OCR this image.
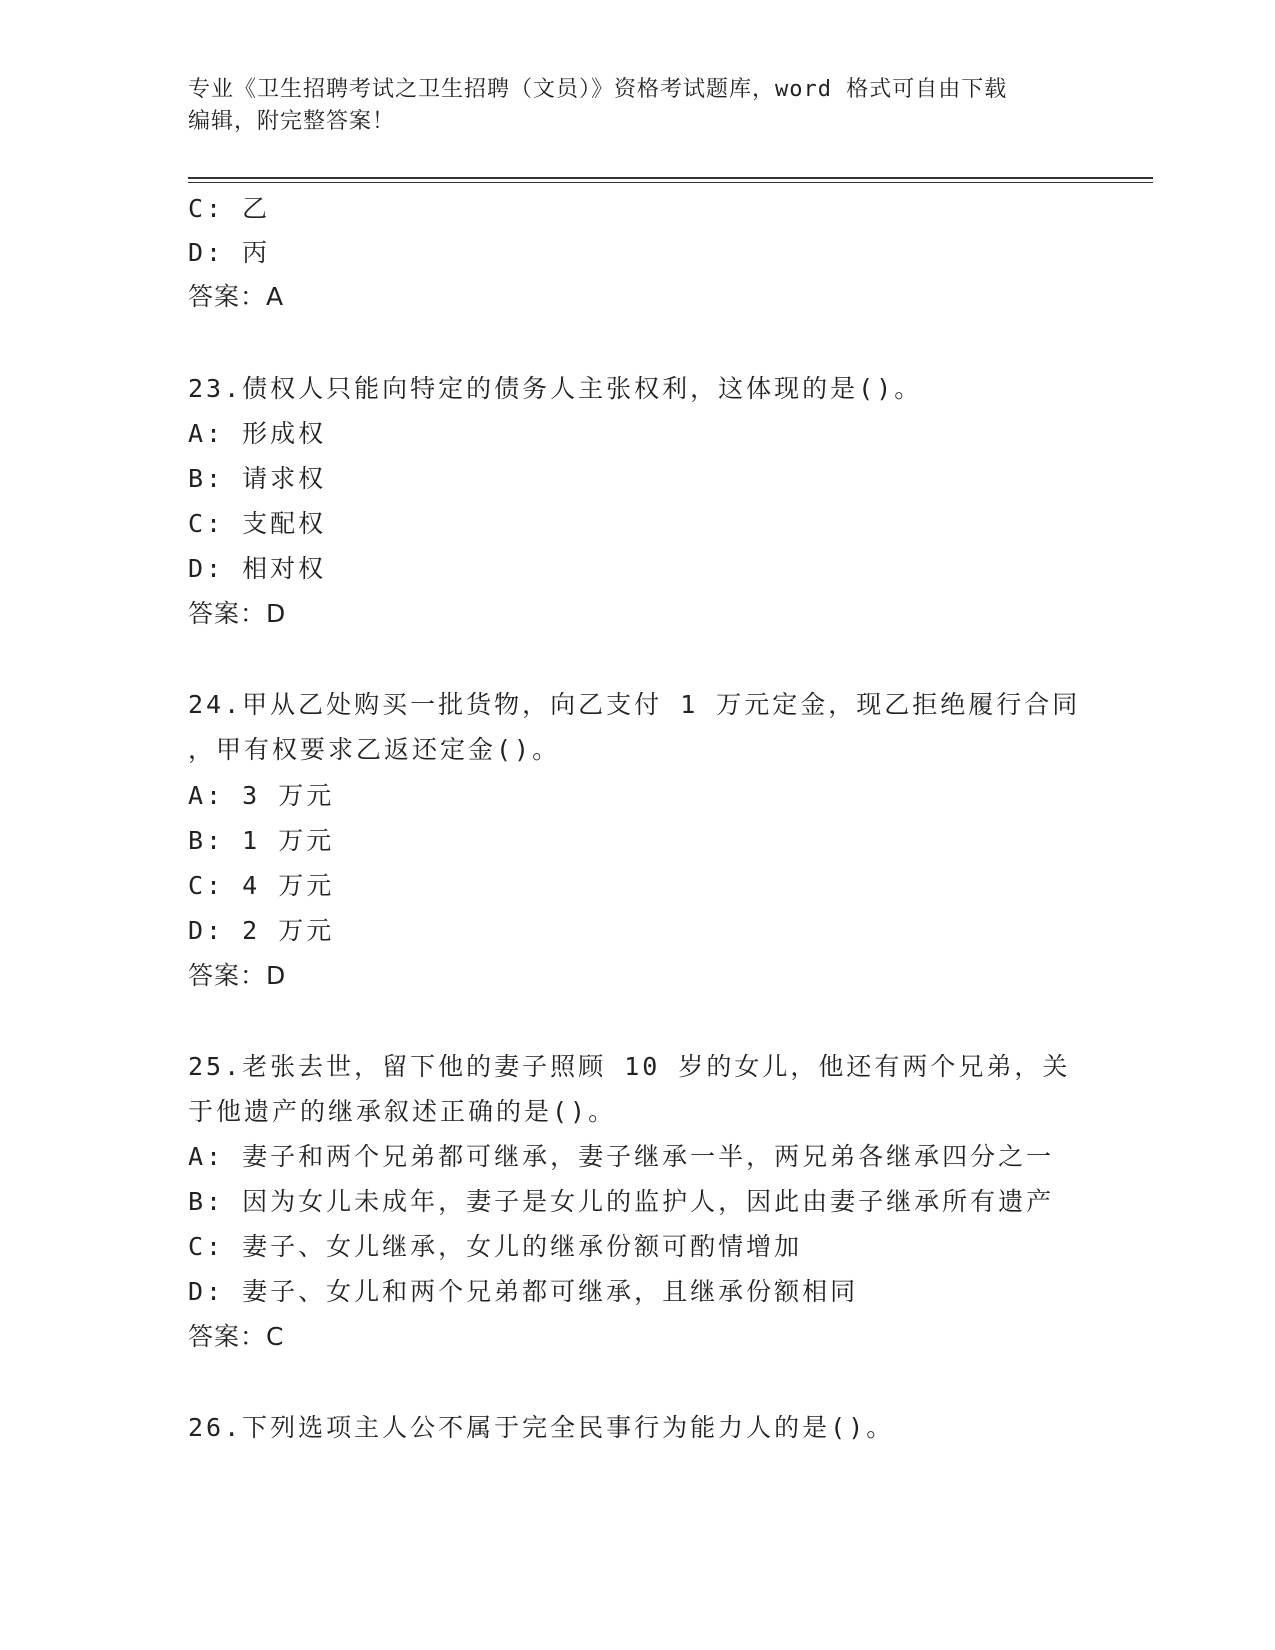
专业《卫生招聘考试之卫生招聘（文员）》资格考试题库，word 格式可自由下载
编辑，附完整答案！
C: 乙
D: 丙
答案：A
23.债权人只能向特定的债务人主张权利，这体现的是()。
A: 形成权
B: 请求权
C: 支配权
D: 相对权
答案：D
24.甲从乙处购买一批货物，向乙支付 1 万元定金，现乙拒绝履行合同
，甲有权要求乙返还定金()。
A: 3 万元
B: 1 万元
C: 4 万元
D: 2 万元
答案：D
25.老张去世，留下他的妻子照顾 10 岁的女儿，他还有两个兄弟，关
于他遗产的继承叙述正确的是()。
A: 妻子和两个兄弟都可继承，妻子继承一半，两兄弟各继承四分之一
B: 因为女儿未成年，妻子是女儿的监护人，因此由妻子继承所有遗产
C: 妻子、女儿继承，女儿的继承份额可酌情增加
D: 妻子、女儿和两个兄弟都可继承，且继承份额相同
答案：C
26.下列选项主人公不属于完全民事行为能力人的是()。
